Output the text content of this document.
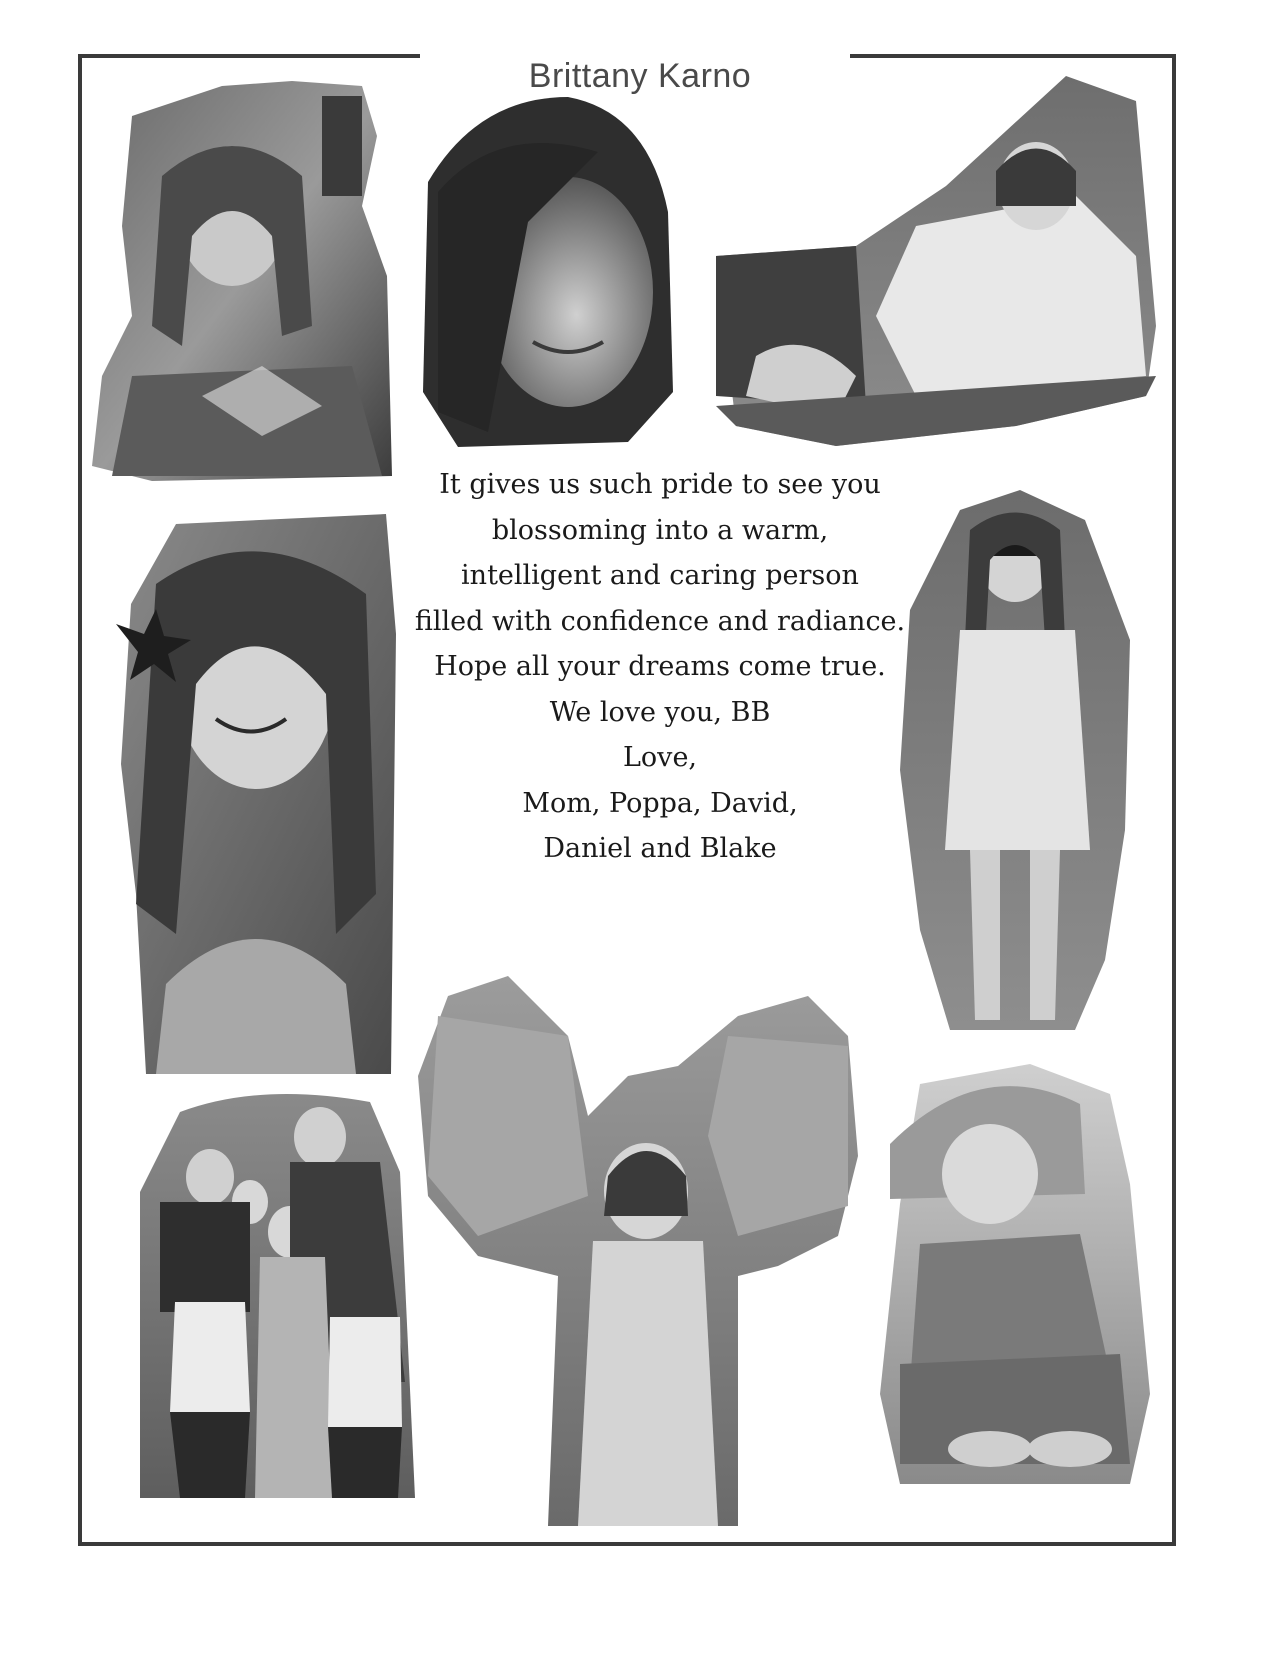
Brittany Karno
It gives us such pride to see you
blossoming into a warm,
intelligent and caring person
filled with confidence and radiance.
Hope all your dreams come true.
We love you, BB
Love,
Mom, Poppa, David,
Daniel and Blake
